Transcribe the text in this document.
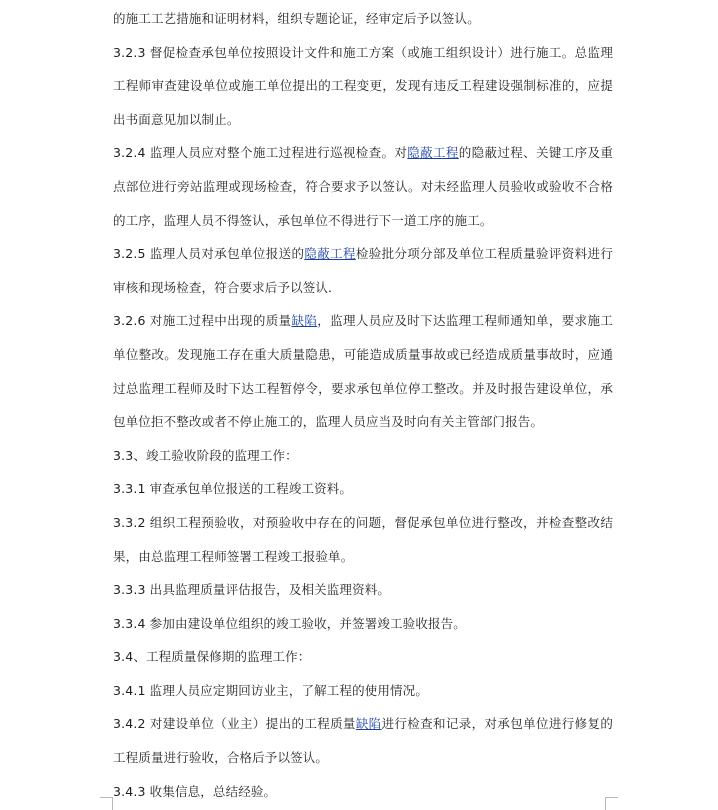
的施工工艺措施和证明材料，组织专题论证，经审定后予以签认。

3.2.3 督促检查承包单位按照设计文件和施工方案（或施工组织设计）进行施工。总监理工程师审查建设单位或施工单位提出的工程变更，发现有违反工程建设强制标准的，应提出书面意见加以制止。

3.2.4 监理人员应对整个施工过程进行巡视检查。对隐蔽工程的隐蔽过程、关键工序及重点部位进行旁站监理或现场检查，符合要求予以签认。对未经监理人员验收或验收不合格的工序，监理人员不得签认，承包单位不得进行下一道工序的施工。

3.2.5 监理人员对承包单位报送的隐蔽工程检验批分项分部及单位工程质量验评资料进行审核和现场检查，符合要求后予以签认.

3.2.6 对施工过程中出现的质量缺陷，监理人员应及时下达监理工程师通知单，要求施工单位整改。发现施工存在重大质量隐患，可能造成质量事故或已经造成质量事故时，应通过总监理工程师及时下达工程暂停令，要求承包单位停工整改。并及时报告建设单位，承包单位拒不整改或者不停止施工的，监理人员应当及时向有关主管部门报告。

3.3、竣工验收阶段的监理工作：

3.3.1 审查承包单位报送的工程竣工资料。

3.3.2 组织工程预验收，对预验收中存在的问题，督促承包单位进行整改，并检查整改结果，由总监理工程师签署工程竣工报验单。

3.3.3 出具监理质量评估报告，及相关监理资料。

3.3.4 参加由建设单位组织的竣工验收，并签署竣工验收报告。

3.4、工程质量保修期的监理工作：

3.4.1 监理人员应定期回访业主，了解工程的使用情况。

3.4.2 对建设单位（业主）提出的工程质量缺陷进行检查和记录，对承包单位进行修复的工程质量进行验收，合格后予以签认。

3.4.3 收集信息，总结经验。
